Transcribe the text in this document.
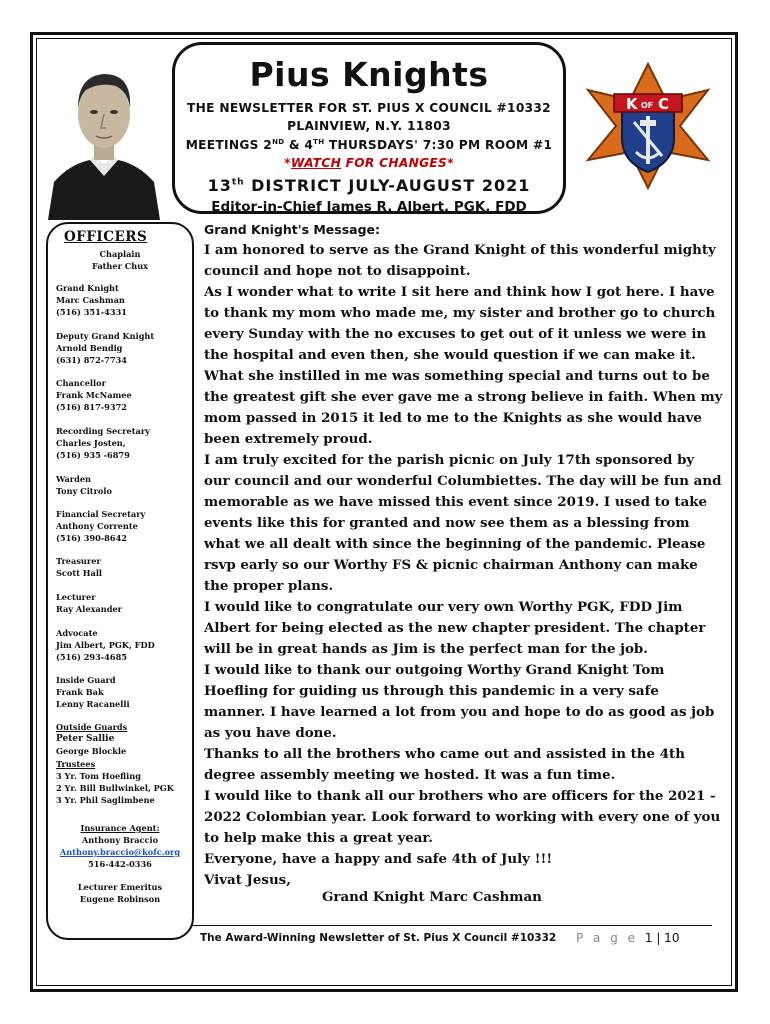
Pius Knights
THE NEWSLETTER FOR ST. PIUS X COUNCIL #10332
PLAINVIEW, N.Y. 11803
MEETINGS 2ND & 4TH THURSDAYS' 7:30 PM ROOM #1
*WATCH FOR CHANGES*
13th DISTRICT JULY-AUGUST 2021
Editor-in-Chief James R. Albert, PGK, FDD
K OF C
OFFICERS
Chaplain
Father Chux
Grand Knight
Marc Cashman
(516) 351-4331
Deputy Grand Knight
Arnold Bendig
(631) 872-7734
Chancellor
Frank McNamee
(516) 817-9372
Recording Secretary
Charles Josten,
(516) 935 -6879
Warden
Tony Citrolo
Financial Secretary
Anthony Corrente
(516) 390-8642
Treasurer
Scott Hall
Lecturer
Ray Alexander
Advocate
Jim Albert, PGK, FDD
(516) 293-4685
Inside Guard
Frank Bak
Lenny Racanelli
Outside Guards
Peter Sallie
George Blockle
Trustees
3 Yr. Tom Hoefling
2 Yr. Bill Bullwinkel, PGK
3 Yr. Phil Saglimbene
Insurance Agent:
Anthony Braccio
Anthony.braccio@kofc.org
516-442-0336
Lecturer Emeritus
Eugene Robinson
Grand Knight's Message:

I am honored to serve as the Grand Knight of this wonderful mighty council and hope not to disappoint.

As I wonder what to write I sit here and think how I got here. I have to thank my mom who made me, my sister and brother go to church every Sunday with the no excuses to get out of it unless we were in the hospital and even then, she would question if we can make it. What she instilled in me was something special and turns out to be the greatest gift she ever gave me a strong believe in faith. When my mom passed in 2015 it led to me to the Knights as she would have been extremely proud.

I am truly excited for the parish picnic on July 17th sponsored by our council and our wonderful Columbiettes. The day will be fun and memorable as we have missed this event since 2019. I used to take events like this for granted and now see them as a blessing from what we all dealt with since the beginning of the pandemic. Please rsvp early so our Worthy FS & picnic chairman Anthony can make the proper plans.

I would like to congratulate our very own Worthy PGK, FDD Jim Albert for being elected as the new chapter president. The chapter will be in great hands as Jim is the perfect man for the job.

I would like to thank our outgoing Worthy Grand Knight Tom Hoefling for guiding us through this pandemic in a very safe manner. I have learned a lot from you and hope to do as good as job as you have done.

Thanks to all the brothers who came out and assisted in the 4th degree assembly meeting we hosted. It was a fun time.

I would like to thank all our brothers who are officers for the 2021 - 2022 Colombian year. Look forward to working with every one of you to help make this a great year.

Everyone, have a happy and safe 4th of July !!!

Vivat Jesus,

Grand Knight Marc Cashman
The Award-Winning Newsletter of St. Pius X Council #10332 P a g e 1 | 10
